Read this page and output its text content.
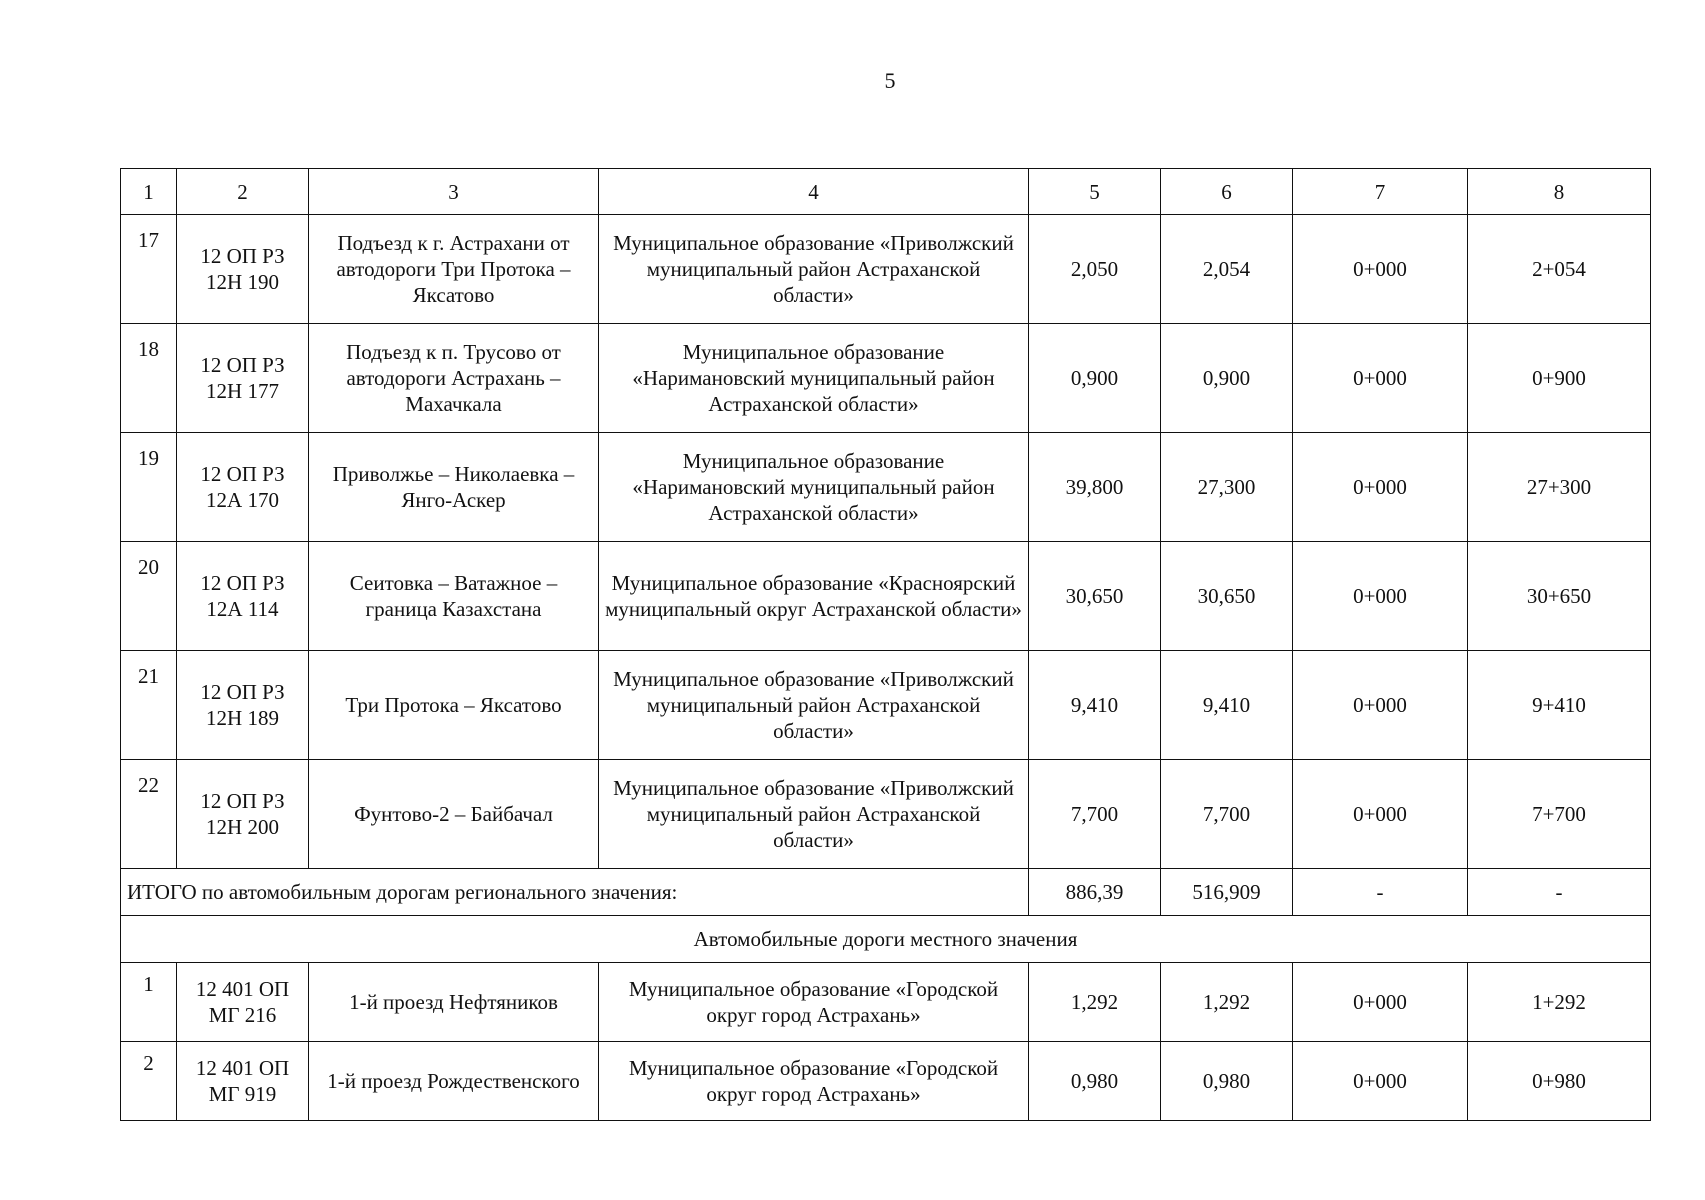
5
1	2	3	4	5	6	7	8
17	12 ОП РЗ 12Н 190	Подъезд к г. Астрахани от автодороги Три Протока – Яксатово	Муниципальное образование «Приволжский муниципальный район Астраханской области»	2,050	2,054	0+000	2+054
18	12 ОП РЗ 12Н 177	Подъезд к п. Трусово от автодороги Астрахань – Махачкала	Муниципальное образование «Наримановский муниципальный район Астраханской области»	0,900	0,900	0+000	0+900
19	12 ОП РЗ 12А 170	Приволжье – Николаевка – Янго-Аскер	Муниципальное образование «Наримановский муниципальный район Астраханской области»	39,800	27,300	0+000	27+300
20	12 ОП РЗ 12А 114	Сеитовка – Ватажное – граница Казахстана	Муниципальное образование «Красноярский муниципальный округ Астраханской области»	30,650	30,650	0+000	30+650
21	12 ОП РЗ 12Н 189	Три Протока – Яксатово	Муниципальное образование «Приволжский муниципальный район Астраханской области»	9,410	9,410	0+000	9+410
22	12 ОП РЗ 12Н 200	Фунтово-2 – Байбачал	Муниципальное образование «Приволжский муниципальный район Астраханской области»	7,700	7,700	0+000	7+700
ИТОГО по автомобильным дорогам регионального значения:				886,39	516,909	-	-
Автомобильные дороги местного значения							
1	12 401 ОП МГ 216	1-й проезд Нефтяников	Муниципальное образование «Городской округ город Астрахань»	1,292	1,292	0+000	1+292
2	12 401 ОП МГ 919	1-й проезд Рождественского	Муниципальное образование «Городской округ город Астрахань»	0,980	0,980	0+000	0+980
